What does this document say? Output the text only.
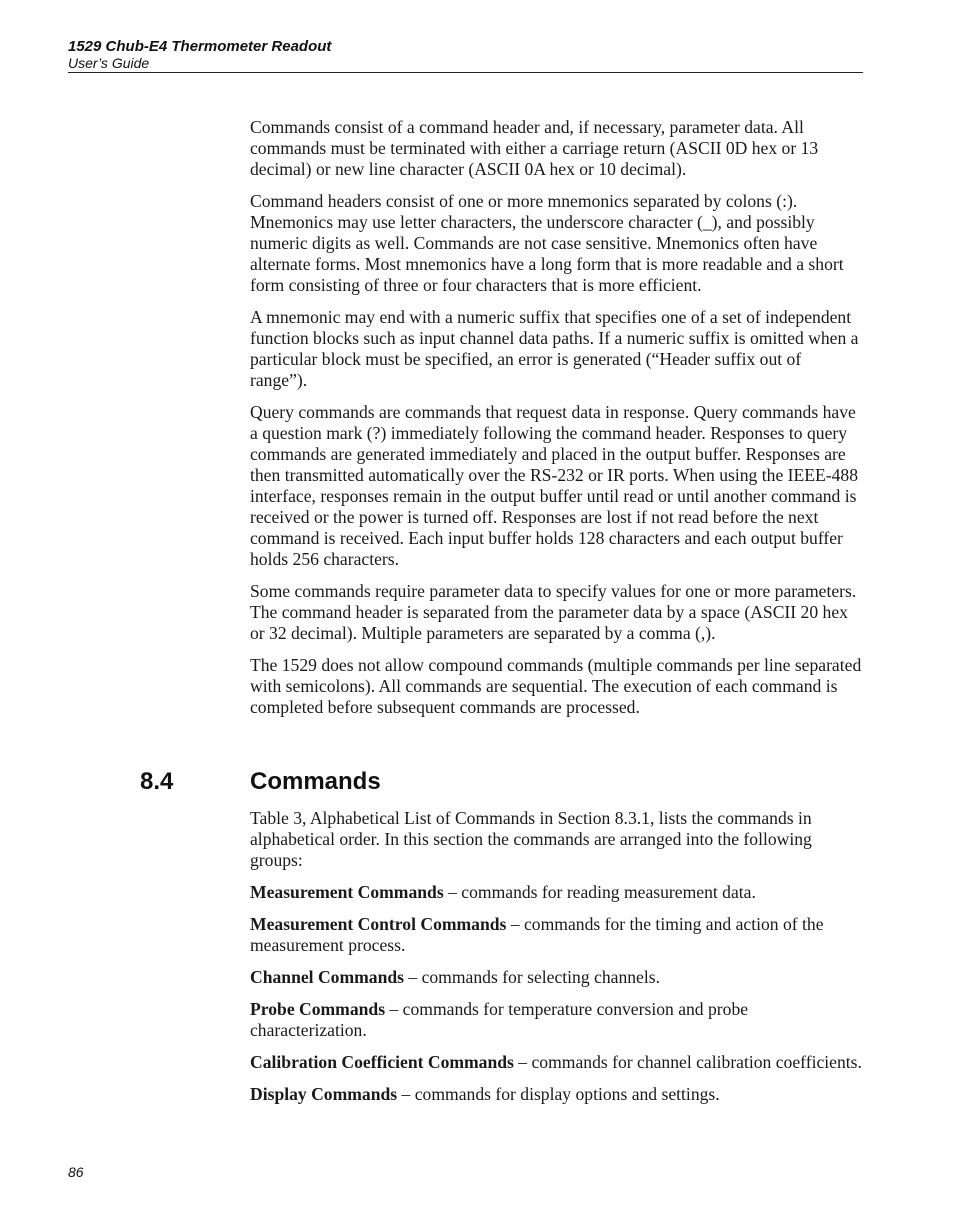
1529 Chub-E4 Thermometer Readout
User’s Guide

Commands consist of a command header and, if necessary, parameter data. All commands must be terminated with either a carriage return (ASCII 0D hex or 13 decimal) or new line character (ASCII 0A hex or 10 decimal).

Command headers consist of one or more mnemonics separated by colons (:). Mnemonics may use letter characters, the underscore character (_), and possibly numeric digits as well. Commands are not case sensitive. Mnemonics often have alternate forms. Most mnemonics have a long form that is more readable and a short form consisting of three or four characters that is more efficient.

A mnemonic may end with a numeric suffix that specifies one of a set of independent function blocks such as input channel data paths. If a numeric suffix is omitted when a particular block must be specified, an error is generated (“Header suffix out of range”).

Query commands are commands that request data in response. Query commands have a question mark (?) immediately following the command header. Responses to query commands are generated immediately and placed in the output buffer. Responses are then transmitted automatically over the RS-232 or IR ports. When using the IEEE-488 interface, responses remain in the output buffer until read or until another command is received or the power is turned off. Responses are lost if not read before the next command is received. Each input buffer holds 128 characters and each output buffer holds 256 characters.

Some commands require parameter data to specify values for one or more parameters. The command header is separated from the parameter data by a space (ASCII 20 hex or 32 decimal). Multiple parameters are separated by a comma (,).

The 1529 does not allow compound commands (multiple commands per line separated with semicolons). All commands are sequential. The execution of each command is completed before subsequent commands are processed.

8.4	Commands

Table 3, Alphabetical List of Commands in Section 8.3.1, lists the commands in alphabetical order. In this section the commands are arranged into the following groups:

Measurement Commands – commands for reading measurement data.

Measurement Control Commands – commands for the timing and action of the measurement process.

Channel Commands – commands for selecting channels.

Probe Commands – commands for temperature conversion and probe characterization.

Calibration Coefficient Commands – commands for channel calibration coefficients.

Display Commands – commands for display options and settings.

86
